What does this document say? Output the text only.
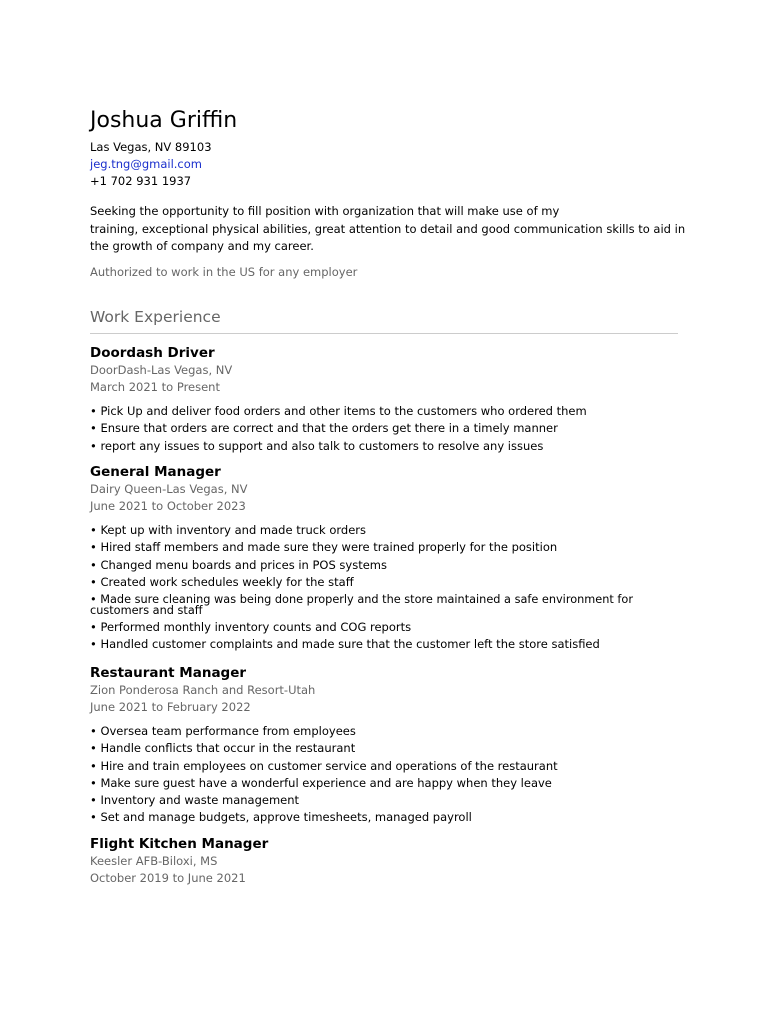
Joshua Griffin
Las Vegas, NV 89103
jeg.tng@gmail.com
+1 702 931 1937
Seeking the opportunity to fill position with organization that will make use of my
training, exceptional physical abilities, great attention to detail and good communication skills to aid in
the growth of company and my career.
Authorized to work in the US for any employer
Work Experience
Doordash Driver
DoorDash-Las Vegas, NV
March 2021 to Present
• Pick Up and deliver food orders and other items to the customers who ordered them
• Ensure that orders are correct and that the orders get there in a timely manner
• report any issues to support and also talk to customers to resolve any issues
General Manager
Dairy Queen-Las Vegas, NV
June 2021 to October 2023
• Kept up with inventory and made truck orders
• Hired staff members and made sure they were trained properly for the position
• Changed menu boards and prices in POS systems
• Created work schedules weekly for the staff
• Made sure cleaning was being done properly and the store maintained a safe environment for customers and staff
• Performed monthly inventory counts and COG reports
• Handled customer complaints and made sure that the customer left the store satisfied
Restaurant Manager
Zion Ponderosa Ranch and Resort-Utah
June 2021 to February 2022
• Oversea team performance from employees
• Handle conflicts that occur in the restaurant
• Hire and train employees on customer service and operations of the restaurant
• Make sure guest have a wonderful experience and are happy when they leave
• Inventory and waste management
• Set and manage budgets, approve timesheets, managed payroll
Flight Kitchen Manager
Keesler AFB-Biloxi, MS
October 2019 to June 2021
